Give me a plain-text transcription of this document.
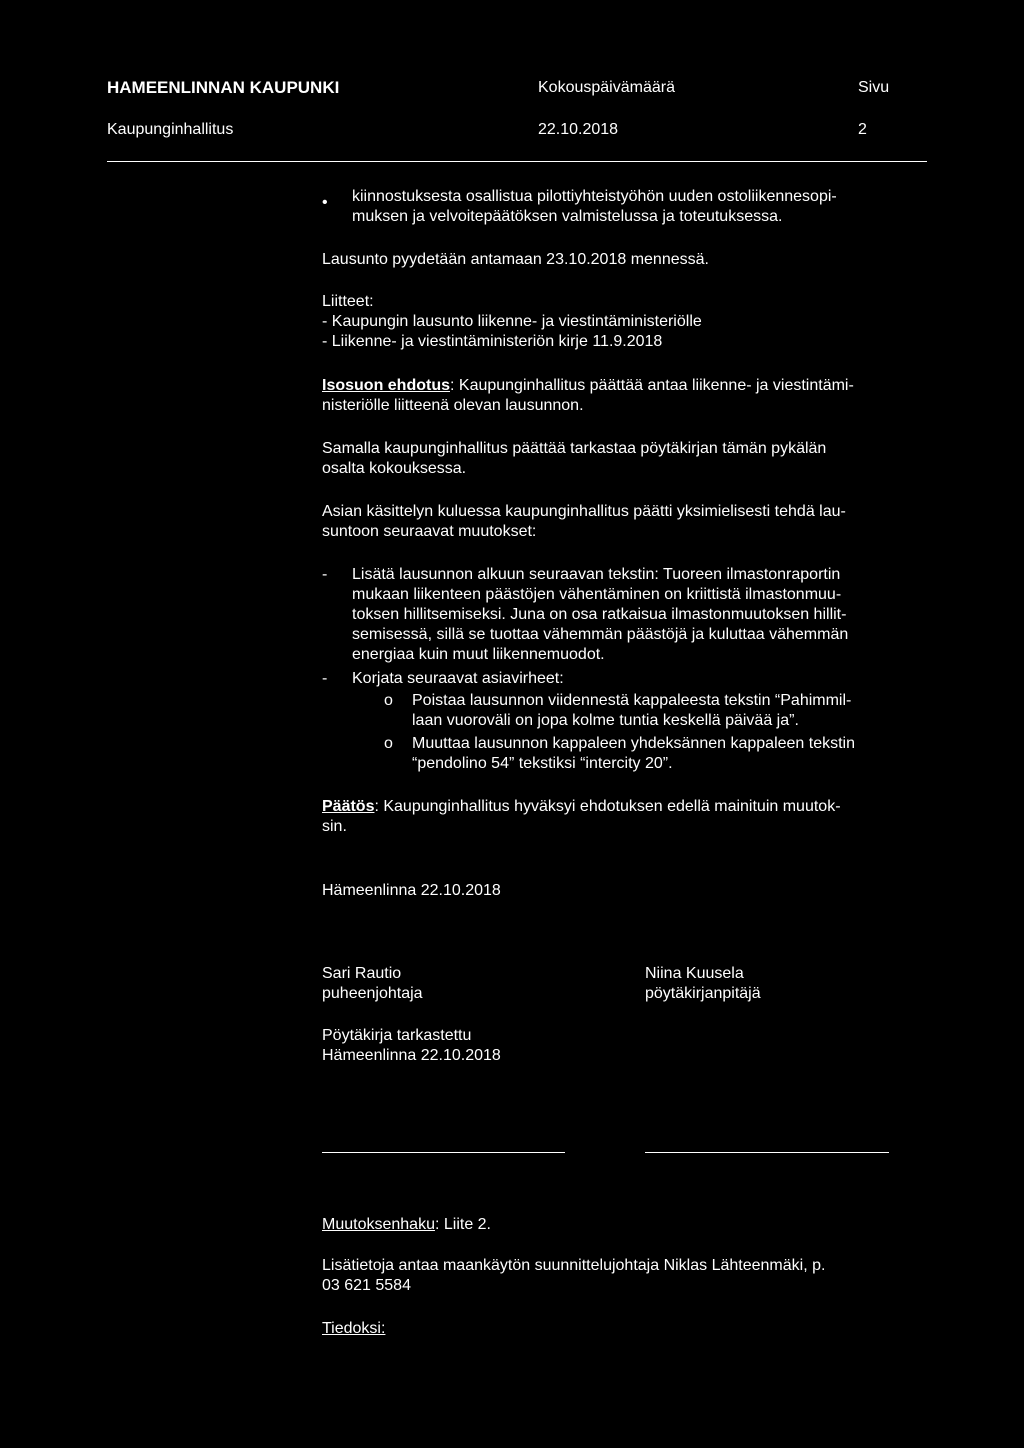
HAMEENLINNAN KAUPUNKI
Kaupunginhallitus
Kokouspäivämäärä
22.10.2018
Sivu
2
• kiinnostuksesta osallistua pilottiyhteistyöhön uuden ostoliikennesopi-
muksen ja velvoitepäätöksen valmistelussa ja toteutuksessa.
Lausunto pyydetään antamaan 23.10.2018 mennessä.
Liitteet:
- Kaupungin lausunto liikenne- ja viestintäministeriölle
- Liikenne- ja viestintäministeriön kirje 11.9.2018
Isosuon ehdotus: Kaupunginhallitus päättää antaa liikenne- ja viestintämi-
nisteriölle liitteenä olevan lausunnon.
Samalla kaupunginhallitus päättää tarkastaa pöytäkirjan tämän pykälän
osalta kokouksessa.
Asian käsittelyn kuluessa kaupunginhallitus päätti yksimielisesti tehdä lau-
suntoon seuraavat muutokset:
- Lisätä lausunnon alkuun seuraavan tekstin: Tuoreen ilmastonraportin
mukaan liikenteen päästöjen vähentäminen on kriittistä ilmastonmuu-
toksen hillitsemiseksi. Juna on osa ratkaisua ilmastonmuutoksen hillit-
semisessä, sillä se tuottaa vähemmän päästöjä ja kuluttaa vähemmän
energiaa kuin muut liikennemuodot.
- Korjata seuraavat asiavirheet:
o Poistaa lausunnon viidennestä kappaleesta tekstin “Pahimmil-
laan vuoroväli on jopa kolme tuntia keskellä päivää ja”.
o Muuttaa lausunnon kappaleen yhdeksännen kappaleen tekstin
“pendolino 54” tekstiksi “intercity 20”.
Päätös: Kaupunginhallitus hyväksyi ehdotuksen edellä mainituin muutok-
sin.
Hämeenlinna 22.10.2018
Sari Rautio
puheenjohtaja
Niina Kuusela
pöytäkirjanpitäjä
Pöytäkirja tarkastettu
Hämeenlinna 22.10.2018
Muutoksenhaku: Liite 2.
Lisätietoja antaa maankäytön suunnittelujohtaja Niklas Lähteenmäki, p.
03 621 5584
Tiedoksi:
